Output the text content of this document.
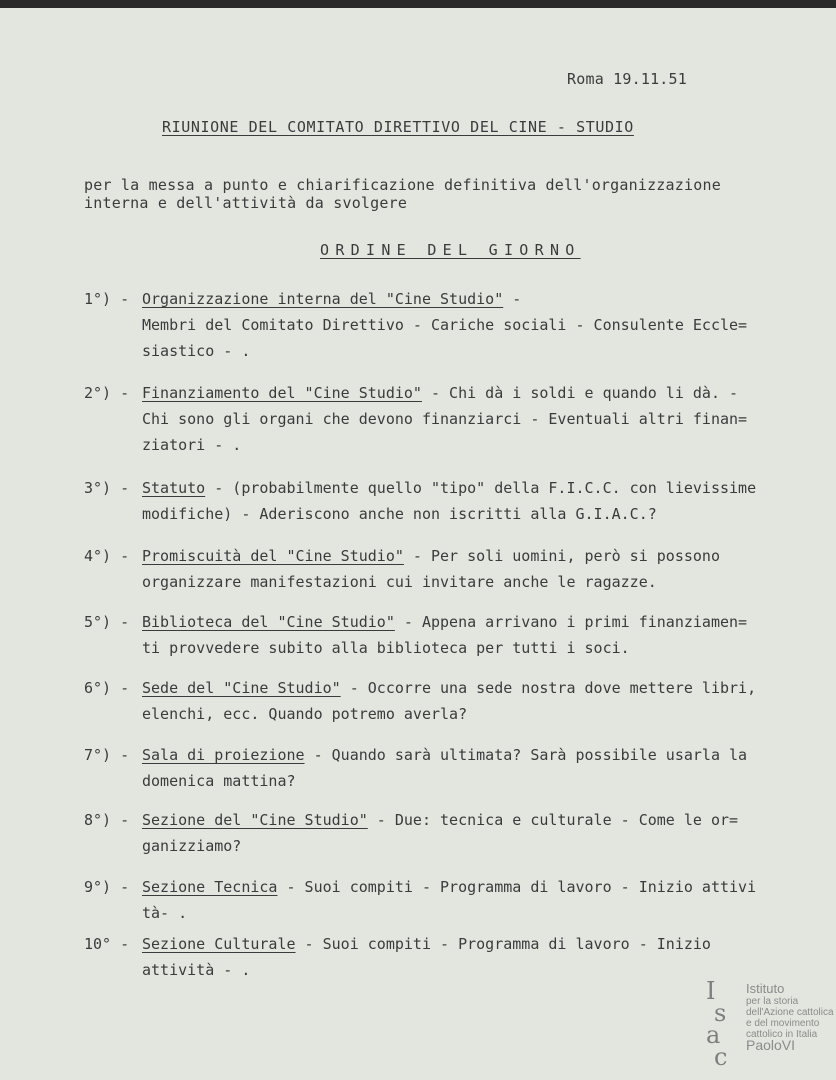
Roma 19.11.51
RIUNIONE DEL COMITATO DIRETTIVO DEL CINE - STUDIO
per la messa a punto e chiarificazione definitiva dell'organizzazione
interna e dell'attività da svolgere
ORDINE DEL GIORNO
1°) - Organizzazione interna del "Cine Studio" -
Membri del Comitato Direttivo - Cariche sociali - Consulente Eccle=
siastico - .
2°) - Finanziamento del "Cine Studio" - Chi dà i soldi e quando li dà. -
Chi sono gli organi che devono finanziarci - Eventuali altri finan=
ziatori - .
3°) - Statuto - (probabilmente quello "tipo" della F.I.C.C. con lievissime
modifiche) - Aderiscono anche non iscritti alla G.I.A.C.?
4°) - Promiscuità del "Cine Studio" - Per soli uomini, però si possono
organizzare manifestazioni cui invitare anche le ragazze.
5°) - Biblioteca del "Cine Studio" - Appena arrivano i primi finanziamen=
ti provvedere subito alla biblioteca per tutti i soci.
6°) - Sede del "Cine Studio" - Occorre una sede nostra dove mettere libri,
elenchi, ecc. Quando potremo averla?
7°) - Sala di proiezione - Quando sarà ultimata? Sarà possibile usarla la
domenica mattina?
8°) - Sezione del "Cine Studio" - Due: tecnica e culturale - Come le or=
ganizziamo?
9°) - Sezione Tecnica - Suoi compiti - Programma di lavoro - Inizio attivi
tà- .
10° - Sezione Culturale - Suoi compiti - Programma di lavoro - Inizio
attività - .
I
s
a
c
Istituto
per la storia
dell'Azione cattolica
e del movimento
cattolico in Italia
PaoloVI
